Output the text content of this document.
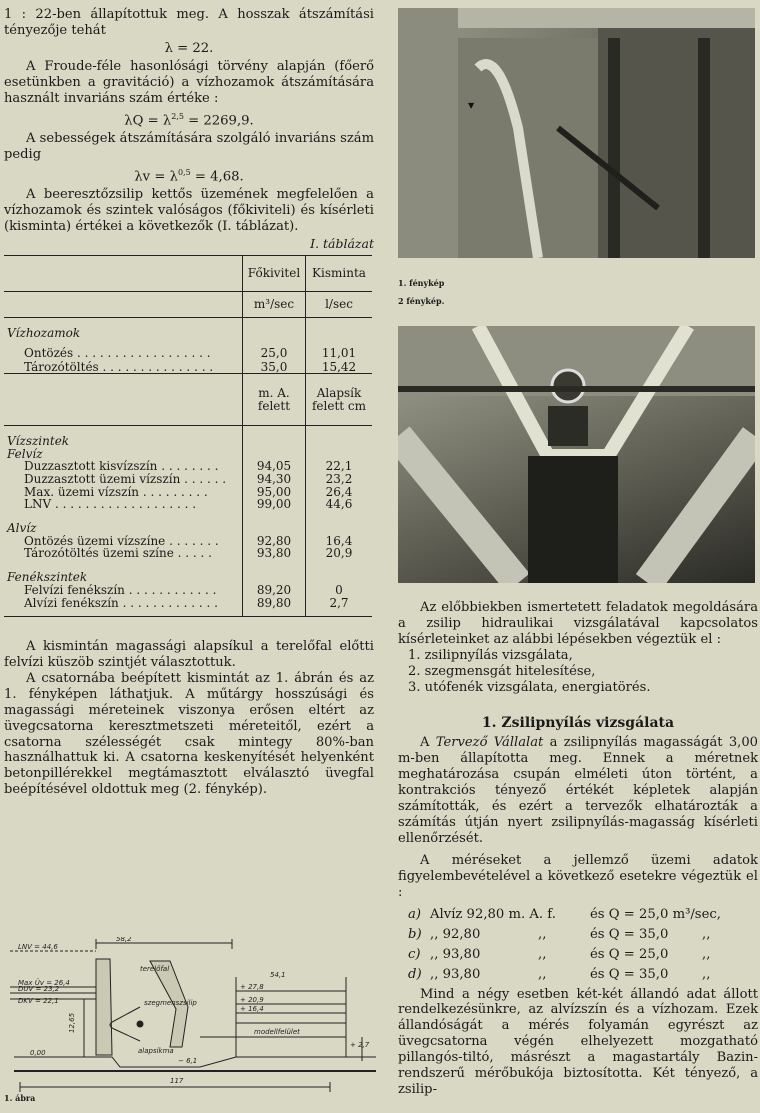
1 : 22-ben állapítottuk meg. A hosszak átszámítási tényezője tehát

λ = 22.

A Froude-féle hasonlósági törvény alapján (főerő esetünkben a gravitáció) a vízhozamok átszámítására használt invariáns szám értéke :

$\lambda Q = \lambda^{2,5} = 2269,9$.

A sebességek átszámítására szolgáló invariáns szám pedig

$\lambda v = \lambda^{0,5} = 4,68$.

A beeresztőzsilip kettős üzemének megfelelően a vízhozamok és szintek valóságos (főkiviteli) és kísérleti (kisminta) értékei a következők (I. táblázat).

I. táblázat

	Főkivitel	Kisminta
	m³/sec	l/sec
Vízhozamok		

Öntözés . . . . . . . . . . . . . . . . . .	25,0	11,01
Tározótöltés . . . . . . . . . . . . . . .	35,0	15,42
	m. A. felett	Alapsík felett cm
Vízszintek		
Felvíz		
Duzzasztott kisvízszín . . . . . . . .	94,05	22,1
Duzzasztott üzemi vízszín . . . . . .	94,30	23,2
Max. üzemi vízszín . . . . . . . . .	95,00	26,4
LNV . . . . . . . . . . . . . . . . . . .	99,00	44,6
Alvíz		
Öntözés üzemi vízszíne . . . . . . .	92,80	16,4
Tározótöltés üzemi színe . . . . .	93,80	20,9
Fenékszintek		
Felvízi fenékszín . . . . . . . . . . . .	89,20	0
Alvízi fenékszín . . . . . . . . . . . . .	89,80	2,7

A kismintán magassági alapsíkul a terelőfal előtti felvízi küszöb szintjét választottuk.

A csatornába beépített kismintát az 1. ábrán és az 1. fényképen láthatjuk. A műtárgy hosszúsági és magassági méreteinek viszonya erősen eltért az üvegcsatorna keresztmetszeti méreteitől, ezért a csatorna szélességét csak mintegy 80%-ban használhattuk ki. A csatorna keskenyítését helyenként betonpillérekkel megtámasztott elválasztó üvegfal beépítésével oldottuk meg (2. fénykép).

58,2
LNV = 44,6
Max Üv = 26,4
DÜV = 23,2
DKV = 22,1
terelőfal
szegmenszsilip
54,1
+ 27,8
+ 20,9
+ 16,4
modellfelület
+ 2,7
alapsíkma
0,00
− 6,1
12,65
117
1. ábra
▼
1. fénykép
2 fénykép.

Az előbbiekben ismertetett feladatok megoldására a zsilip hidraulikai vizsgálatával kapcsolatos kísérleteinket az alábbi lépésekben végeztük el :

1. zsilipnyílás vizsgálata,

2. szegmensgát hitelesítése,

3. utófenék vizsgálata, energiatörés.

1. Zsilipnyílás vizsgálata

A Tervező Vállalat a zsilipnyílás magasságát 3,00 m-ben állapította meg. Ennek a méretnek meghatározása csupán elméleti úton történt, a kontrakciós tényező értékét képletek alapján számították, és ezért a tervezők elhatározták a számítás útján nyert zsilipnyílás-magasság kísérleti ellenőrzését.

A méréseket a jellemző üzemi adatok figyelembevételével a következő esetekre végeztük el :

a) Alvíz 92,80 m. A. f.	és Q = 25,0 m³/sec,
b) ,, 92,80	,,	és Q = 35,0	,,
c) ,, 93,80	,,	és Q = 25,0	,,
d) ,, 93,80	,,	és Q = 35,0	,,

Mind a négy esetben két-két állandó adat állott rendelkezésünkre, az alvízszín és a vízhozam. Ezek állandóságát a mérés folyamán egyrészt az üvegcsatorna végén elhelyezett mozgatható pillangós-tiltó, másrészt a magastartály Bazin-rendszerű mérőbukója biztosította. Két tényező, a zsilip-
